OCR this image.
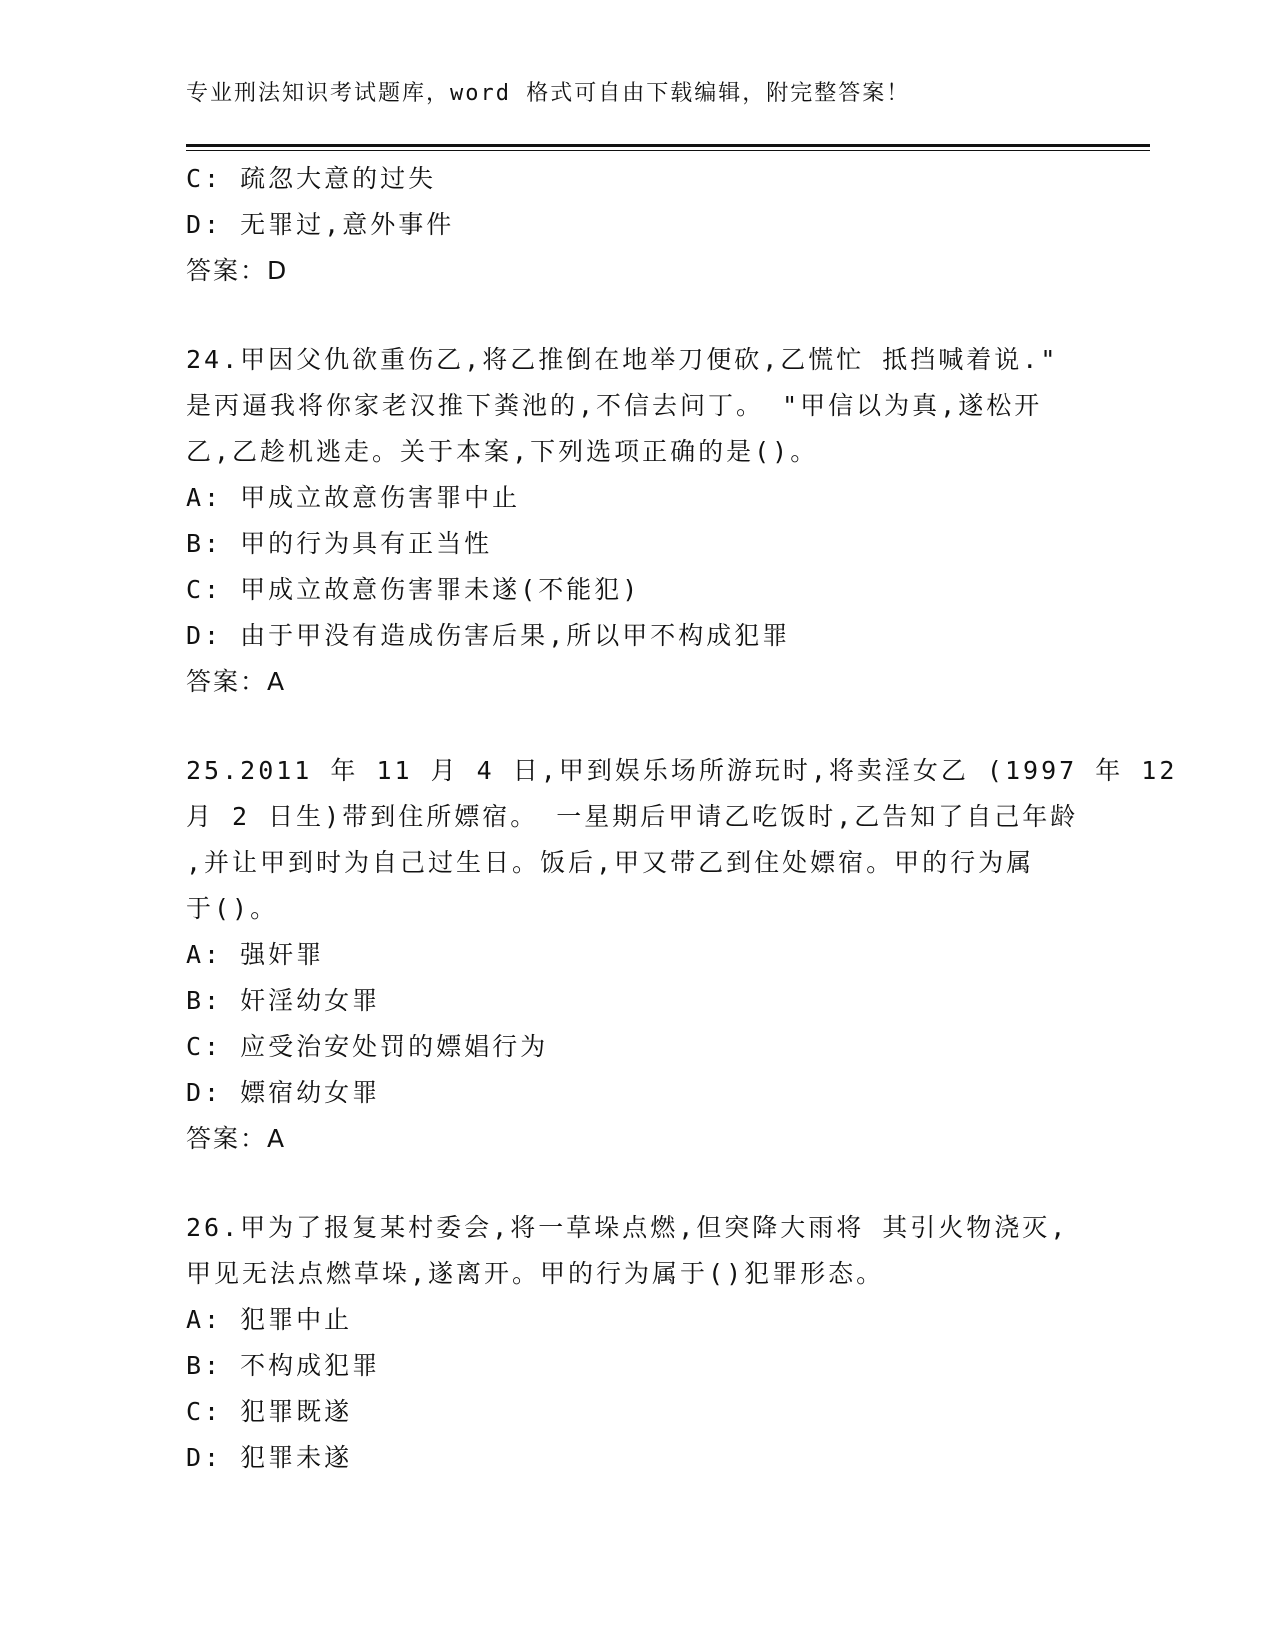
专业刑法知识考试题库，word 格式可自由下载编辑，附完整答案！
C: 疏忽大意的过失
D: 无罪过,意外事件
答案：D
24.甲因父仇欲重伤乙,将乙推倒在地举刀便砍,乙慌忙 抵挡喊着说."
是丙逼我将你家老汉推下粪池的,不信去问丁。 "甲信以为真,遂松开
乙,乙趁机逃走。关于本案,下列选项正确的是()。
A: 甲成立故意伤害罪中止
B: 甲的行为具有正当性
C: 甲成立故意伤害罪未遂(不能犯)
D: 由于甲没有造成伤害后果,所以甲不构成犯罪
答案：A
25.2011 年 11 月 4 日,甲到娱乐场所游玩时,将卖淫女乙 (1997 年 12
月 2 日生)带到住所嫖宿。 一星期后甲请乙吃饭时,乙告知了自己年龄
,并让甲到时为自己过生日。饭后,甲又带乙到住处嫖宿。甲的行为属
于()。
A: 强奸罪
B: 奸淫幼女罪
C: 应受治安处罚的嫖娼行为
D: 嫖宿幼女罪
答案：A
26.甲为了报复某村委会,将一草垛点燃,但突降大雨将 其引火物浇灭,
甲见无法点燃草垛,遂离开。甲的行为属于()犯罪形态。
A: 犯罪中止
B: 不构成犯罪
C: 犯罪既遂
D: 犯罪未遂
